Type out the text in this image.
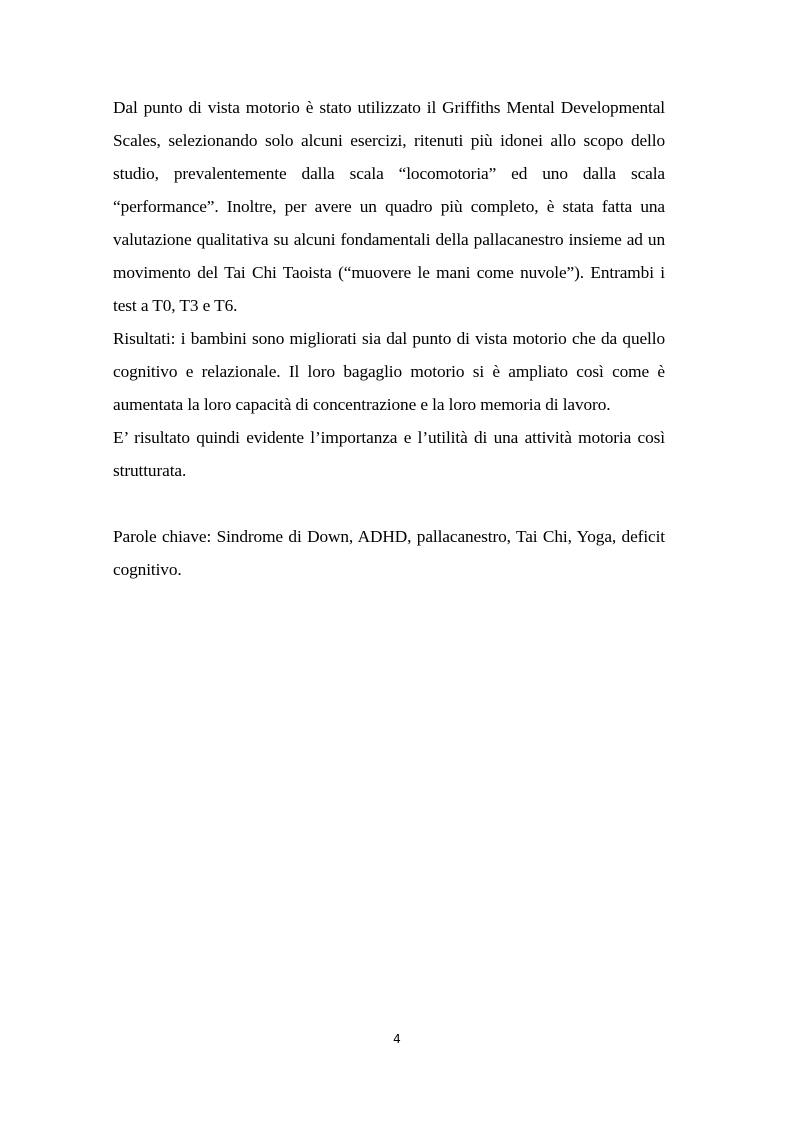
Dal punto di vista motorio è stato utilizzato il Griffiths Mental Developmental Scales, selezionando solo alcuni esercizi, ritenuti più idonei allo scopo dello studio, prevalentemente dalla scala “locomotoria” ed uno dalla scala “performance”. Inoltre, per avere un quadro più completo, è stata fatta una valutazione qualitativa su alcuni fondamentali della pallacanestro insieme ad un movimento del Tai Chi Taoista (“muovere le mani come nuvole”). Entrambi i test a T0, T3 e T6.

Risultati: i bambini sono migliorati sia dal punto di vista motorio che da quello cognitivo e relazionale. Il loro bagaglio motorio si è ampliato così come è aumentata la loro capacità di concentrazione e la loro memoria di lavoro.

E’ risultato quindi evidente l’importanza e l’utilità di una attività motoria così strutturata.

Parole chiave: Sindrome di Down, ADHD, pallacanestro, Tai Chi, Yoga, deficit cognitivo.

4
